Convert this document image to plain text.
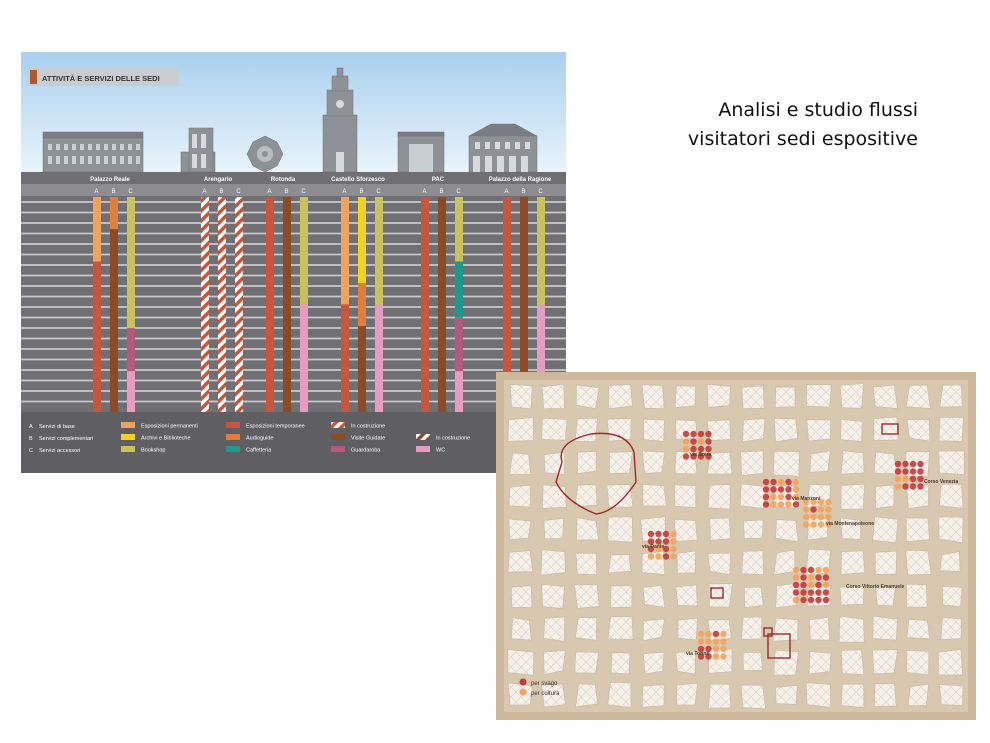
Analisi e studio flussi
visitatori sedi espositive
ATTIVITÀ E SERVIZI DELLE SEDI
Palazzo Reale	Arengario	Rotonda	Castello Sforzesco	PAC	Palazzo della Ragione
A B C	A B C	A B C	A B C	A B C	A B C
A Servizi di base
B Servizi complementari
C Servizi accessori
Esposizioni permanenti
Archivi e Biblioteche
Bookshop
Esposizioni temporanee
Audioguide
Caffetteria
In costruzione
Visite Guidate
Guardaroba
In costruzione
WC
via Brera
Corso Venezia
via Manzoni
via Montenapoleone
via Dante
Corso Vittorio Emanuele
via Torino
per svago
per cultura
